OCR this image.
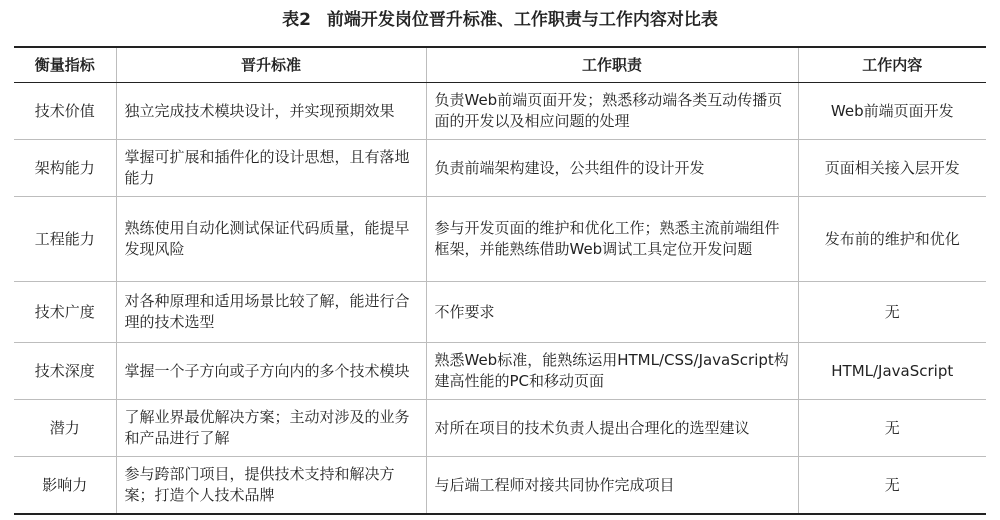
表2 前端开发岗位晋升标准、工作职责与工作内容对比表
衡量指标	晋升标准	工作职责	工作内容
技术价值	独立完成技术模块设计，并实现预期效果	负责Web前端页面开发；熟悉移动端各类互动传播页面的开发以及相应问题的处理	Web前端页面开发
架构能力	掌握可扩展和插件化的设计思想，且有落地能力	负责前端架构建设，公共组件的设计开发	页面相关接入层开发
工程能力	熟练使用自动化测试保证代码质量，能提早发现风险	参与开发页面的维护和优化工作；熟悉主流前端组件框架，并能熟练借助Web调试工具定位开发问题	发布前的维护和优化
技术广度	对各种原理和适用场景比较了解，能进行合理的技术选型	不作要求	无
技术深度	掌握一个子方向或子方向内的多个技术模块	熟悉Web标准，能熟练运用HTML/CSS/JavaScript构建高性能的PC和移动页面	HTML/JavaScript
潜力	了解业界最优解决方案；主动对涉及的业务和产品进行了解	对所在项目的技术负责人提出合理化的选型建议	无
影响力	参与跨部门项目，提供技术支持和解决方案；打造个人技术品牌	与后端工程师对接共同协作完成项目	无
